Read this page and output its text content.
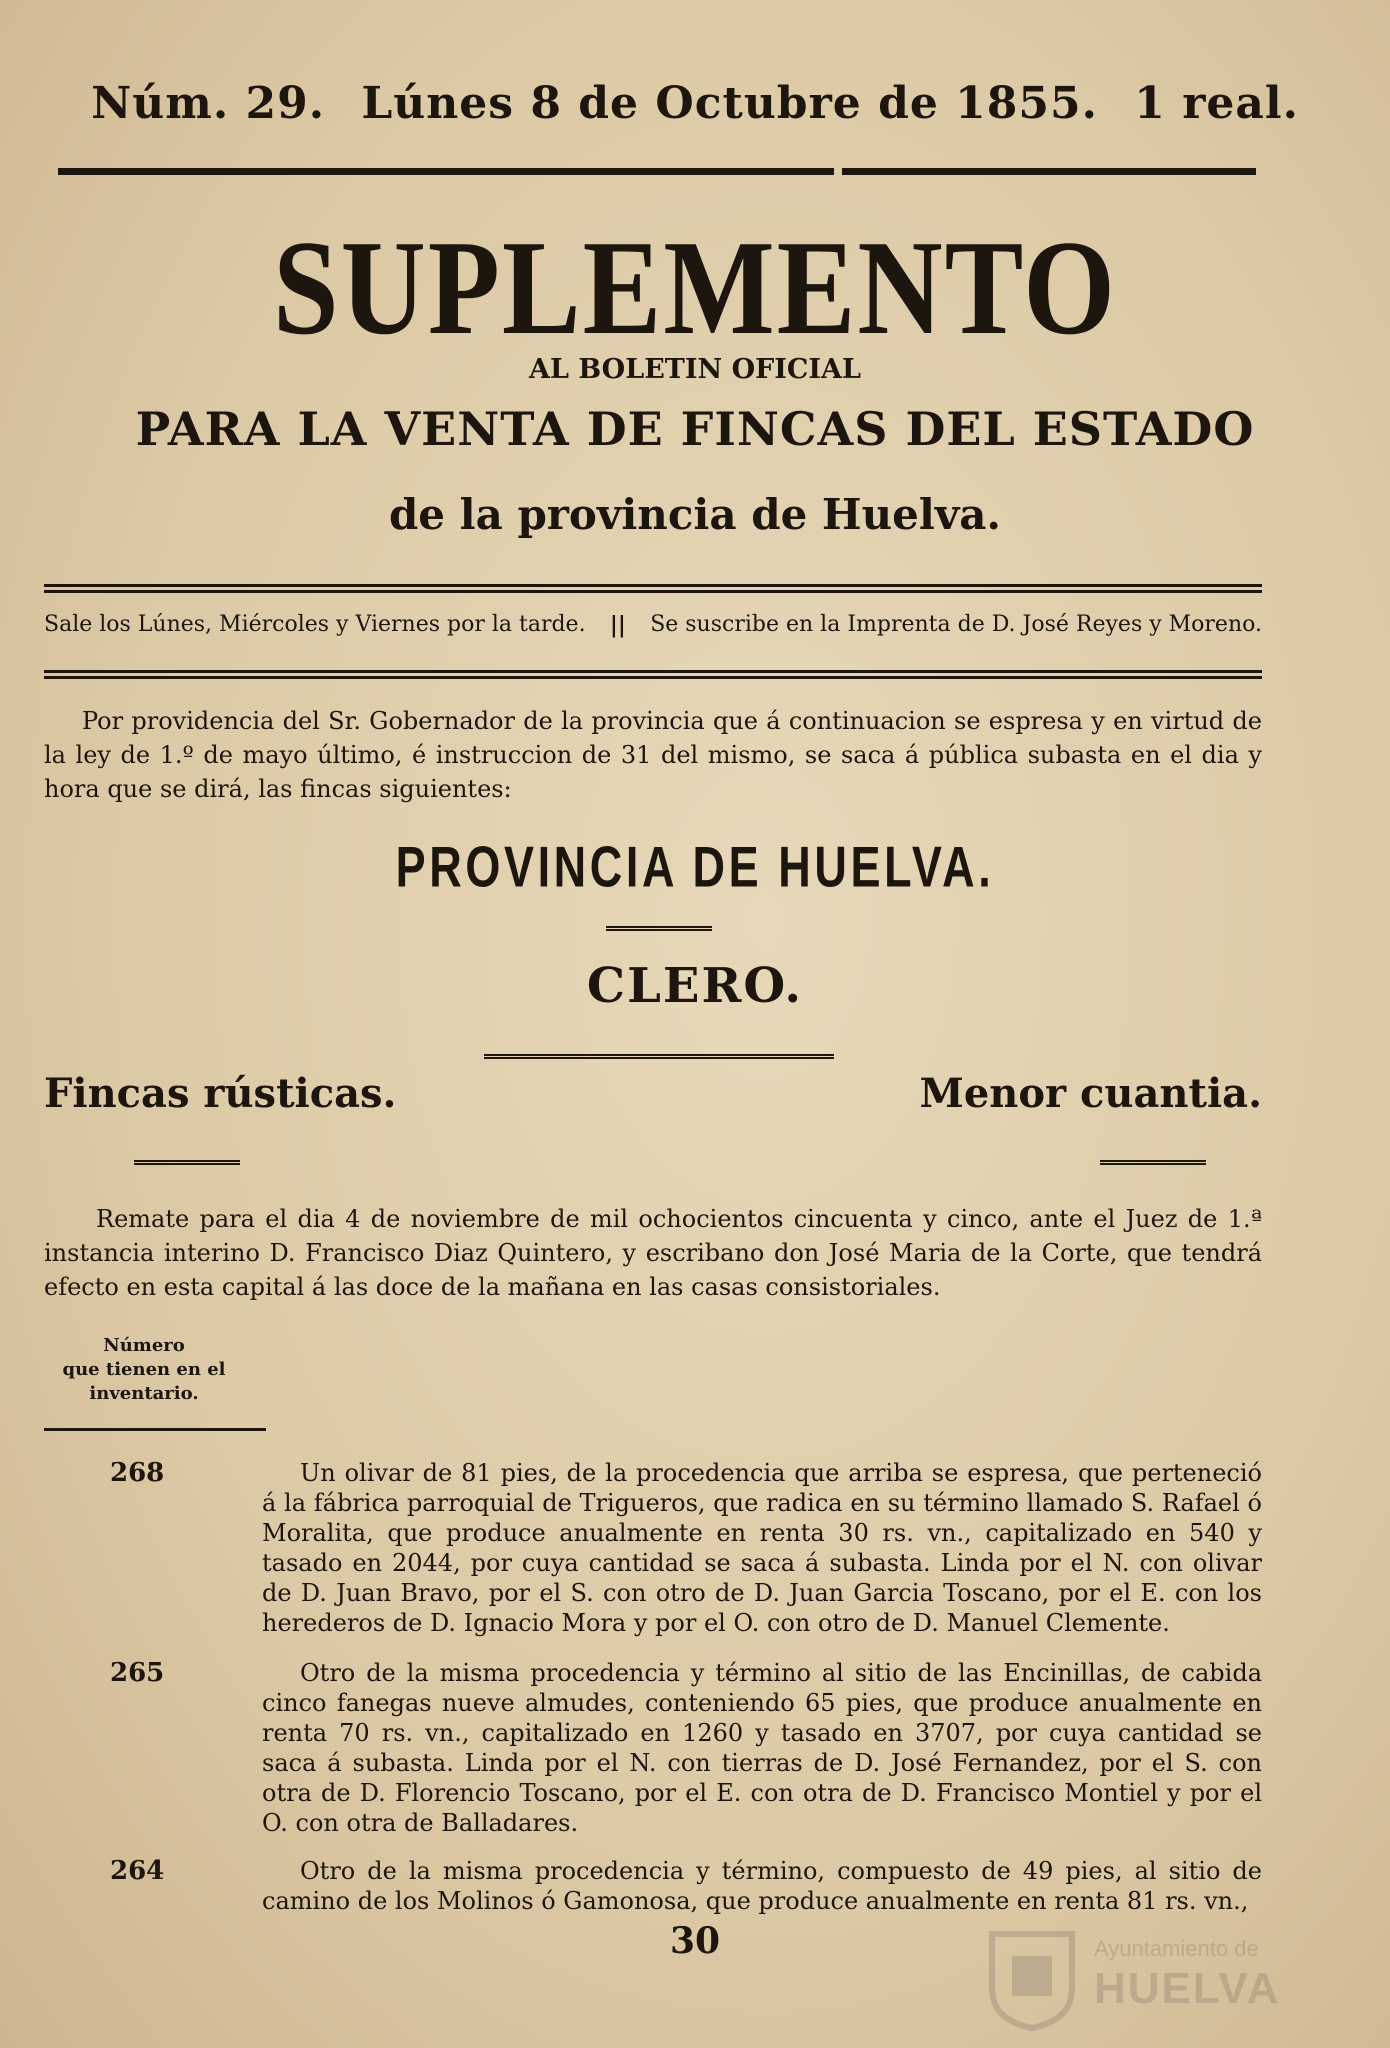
Núm. 29. Lúnes 8 de Octubre de 1855. 1 real.
SUPLEMENTO
AL BOLETIN OFICIAL
PARA LA VENTA DE FINCAS DEL ESTADO
de la provincia de Huelva.
Sale los Lúnes, Miércoles y Viernes por la tarde. || Se suscribe en la Imprenta de D. José Reyes y Moreno.
Por providencia del Sr. Gobernador de la provincia que á continuacion se espresa y en virtud de la ley de 1.º de mayo último, é instruccion de 31 del mismo, se saca á pública subasta en el dia y hora que se dirá, las fincas siguientes:
PROVINCIA DE HUELVA.
CLERO.
Fincas rústicas.	Menor cuantia.
Remate para el dia 4 de noviembre de mil ochocientos cincuenta y cinco, ante el Juez de 1.ª instancia interino D. Francisco Diaz Quintero, y escribano don José Maria de la Corte, que tendrá efecto en esta capital á las doce de la mañana en las casas consistoriales.
Número
que tienen en el
inventario.
268	Un olivar de 81 pies, de la procedencia que arriba se espresa, que perteneció á la fábrica parroquial de Trigueros, que radica en su término llamado S. Rafael ó Moralita, que produce anualmente en renta 30 rs. vn., capitalizado en 540 y tasado en 2044, por cuya cantidad se saca á subasta. Linda por el N. con olivar de D. Juan Bravo, por el S. con otro de D. Juan Garcia Toscano, por el E. con los herederos de D. Ignacio Mora y por el O. con otro de D. Manuel Clemente.
265	Otro de la misma procedencia y término al sitio de las Encinillas, de cabida cinco fanegas nueve almudes, conteniendo 65 pies, que produce anualmente en renta 70 rs. vn., capitalizado en 1260 y tasado en 3707, por cuya cantidad se saca á subasta. Linda por el N. con tierras de D. José Fernandez, por el S. con otra de D. Florencio Toscano, por el E. con otra de D. Francisco Montiel y por el O. con otra de Balladares.
264	Otro de la misma procedencia y término, compuesto de 49 pies, al sitio de camino de los Molinos ó Gamonosa, que produce anualmente en renta 81 rs. vn.,
30	Ayuntamiento de
HUELVA
